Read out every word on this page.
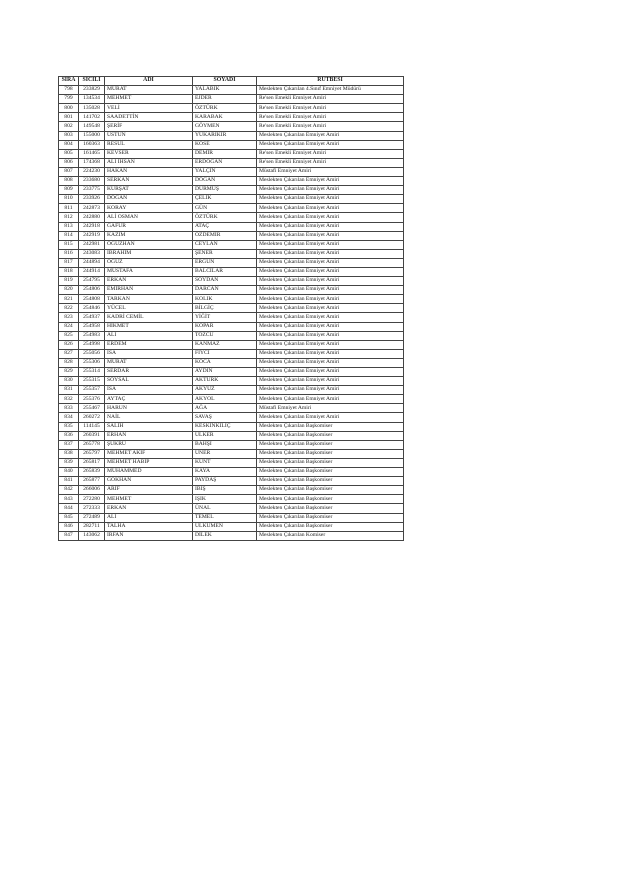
SIRA	SİCİLİ	ADI	SOYADI	RÜTBESİ
798	233829	MURAT	YALABIK	Meslekten Çıkarılan 4.Sınıf Emniyet Müdürü
799	134534	MEHMET	EJDER	Re'sen Emekli Emniyet Amiri
800	135028	VELİ	ÖZTÜRK	Re'sen Emekli Emniyet Amiri
801	141702	SAADETTİN	KARABAK	Re'sen Emekli Emniyet Amiri
802	149548	ŞERİF	GÖYMEN	Re'sen Emekli Emniyet Amiri
803	155000	ÜSTÜN	YUKARIKIR	Meslekten Çıkarılan Emniyet Amiri
804	160363	RESUL	KÖSE	Meslekten Çıkarılan Emniyet Amiri
805	161465	KEVSER	DEMİR	Re'sen Emekli Emniyet Amiri
806	174368	ALİ İHSAN	ERDOĞAN	Re'sen Emekli Emniyet Amiri
807	224230	HAKAN	YALÇIN	Müstafi Emniyet Amiri
808	233680	SERKAN	DOĞAN	Meslekten Çıkarılan Emniyet Amiri
809	233775	KÜRŞAT	DURMUŞ	Meslekten Çıkarılan Emniyet Amiri
810	233926	DOĞAN	ÇELİK	Meslekten Çıkarılan Emniyet Amiri
811	242873	KORAY	GÜN	Meslekten Çıkarılan Emniyet Amiri
812	242880	ALİ OSMAN	ÖZTÜRK	Meslekten Çıkarılan Emniyet Amiri
813	242918	GAFUR	ATAÇ	Meslekten Çıkarılan Emniyet Amiri
814	242919	KAZIM	ÖZDEMİR	Meslekten Çıkarılan Emniyet Amiri
815	242981	OĞUZHAN	CEYLAN	Meslekten Çıkarılan Emniyet Amiri
816	243083	İBRAHİM	ŞENER	Meslekten Çıkarılan Emniyet Amiri
817	244894	OĞUZ	ERGÜN	Meslekten Çıkarılan Emniyet Amiri
818	244914	MUSTAFA	BALCILAR	Meslekten Çıkarılan Emniyet Amiri
819	254795	ERKAN	SOYDAN	Meslekten Çıkarılan Emniyet Amiri
820	254806	EMİRHAN	DARCAN	Meslekten Çıkarılan Emniyet Amiri
821	254808	TARKAN	KOLIK	Meslekten Çıkarılan Emniyet Amiri
822	254846	YÜCEL	BİLGİÇ	Meslekten Çıkarılan Emniyet Amiri
823	254937	KADRİ CEMİL	YİĞİT	Meslekten Çıkarılan Emniyet Amiri
824	254958	HİKMET	KOPAR	Meslekten Çıkarılan Emniyet Amiri
825	254983	ALİ	TOZCU	Meslekten Çıkarılan Emniyet Amiri
826	254998	ERDEM	KANMAZ	Meslekten Çıkarılan Emniyet Amiri
827	255056	İSA	FİYCI	Meslekten Çıkarılan Emniyet Amiri
828	255306	MURAT	KOCA	Meslekten Çıkarılan Emniyet Amiri
829	255314	SERDAR	AYDIN	Meslekten Çıkarılan Emniyet Amiri
830	255315	SOYSAL	AKTÜRK	Meslekten Çıkarılan Emniyet Amiri
831	255357	İSA	AKYÜZ	Meslekten Çıkarılan Emniyet Amiri
832	255376	AYTAÇ	AKYOL	Meslekten Çıkarılan Emniyet Amiri
833	255467	HARUN	AĞA	Müstafi Emniyet Amiri
834	260272	NAİL	SAVAŞ	Meslekten Çıkarılan Emniyet Amiri
835	114145	SALİH	KESKİNKILIÇ	Meslekten Çıkarılan Başkomiser
836	260391	ERHAN	ÜLKER	Meslekten Çıkarılan Başkomiser
837	265778	ŞÜKRÜ	BAHŞI	Meslekten Çıkarılan Başkomiser
838	265797	MEHMET AKİF	ÜNER	Meslekten Çıkarılan Başkomiser
839	265817	MEHMET HABİP	KUNT	Meslekten Çıkarılan Başkomiser
840	265839	MUHAMMED	KAYA	Meslekten Çıkarılan Başkomiser
841	265877	GÖKHAN	PAYDAŞ	Meslekten Çıkarılan Başkomiser
842	266006	ARİF	IBIŞ	Meslekten Çıkarılan Başkomiser
843	272280	MEHMET	IŞIK	Meslekten Çıkarılan Başkomiser
844	272333	ERKAN	ÜNAL	Meslekten Çıkarılan Başkomiser
845	272489	ALİ	TEMEL	Meslekten Çıkarılan Başkomiser
846	282711	TALHA	ÜLKÜMEN	Meslekten Çıkarılan Başkomiser
847	143062	İRFAN	DİLEK	Meslekten Çıkarılan Komiser
